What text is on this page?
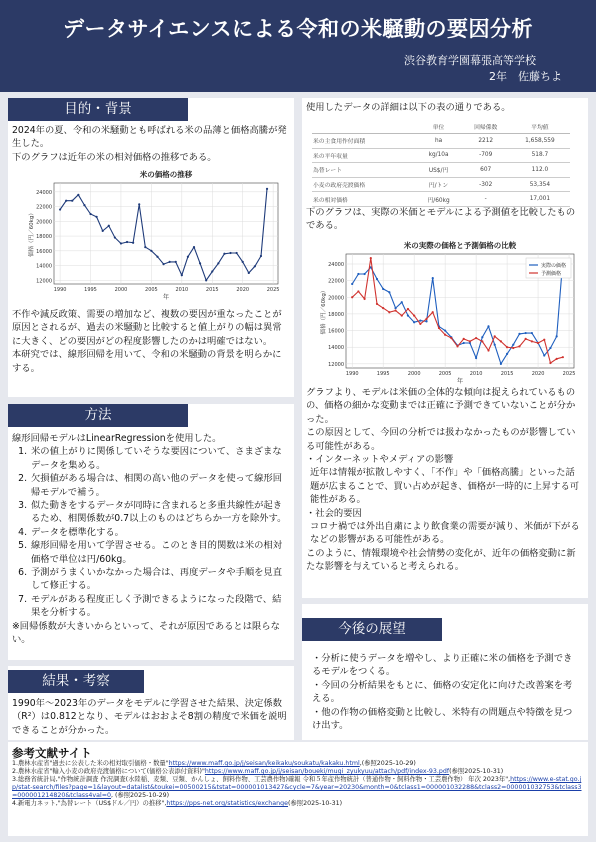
データサイエンスによる令和の米騒動の要因分析
渋谷教育学園幕張高等学校
2年　佐藤ちよ
目的・背景

2024年の夏、令和の米騒動とも呼ばれる米の品薄と価格高騰が発生した。

下のグラフは近年の米の相対価格の推移である。

米の価格の推移
12000
14000
16000
18000
20000
22000
24000
1990	1995	2000	2005	2010	2015	2020	2025
年
価格（円／60kg）

不作や減反政策、需要の増加など、複数の要因が重なったことが原因とされるが、過去の米騒動と比較すると値上がりの幅は異常に大きく、どの要因がどの程度影響したのかは明確ではない。

本研究では、線形回帰を用いて、令和の米騒動の背景を明らかにする。

方法

線形回帰モデルはLinearRegressionを使用した。

1. 米の値上がりに関係していそうな要因について、さまざまなデータを集める。
2. 欠損値がある場合は、相関の高い他のデータを使って線形回帰モデルで補う。
3. 似た動きをするデータが同時に含まれると多重共線性が起きるため、相関係数が0.7以上のものはどちらか一方を除外す。
4. データを標準化する。
5. 線形回帰を用いて学習させる。このとき目的関数は米の相対価格で単位は円/60kg。
6. 予測がうまくいかなかった場合は、再度データや手順を見直して修正する。
7. モデルがある程度正しく予測できるようになった段階で、結果を分析する。

※回帰係数が大きいからといって、それが原因であるとは限らない。

結果・考察
1990年〜2023年のデータをモデルに学習させた結果、決定係数（R²）は0.812となり、モデルはおおよそ8割の精度で米価を説明できることが分かった。
使用したデータの詳細は以下の表の通りである。
	単位	回帰係数	平均値
米の主食用作付面積	ha	2212	1,658,559
米の平年収量	kg/10a	-709	518.7
為替レート	US$/円	607	112.0
小麦の政府売渡価格	円/トン	-302	53,354
米の相対価格	円/60kg	-	17,001
下のグラフは、実際の米価とモデルによる予測値を比較したものである。
米の実際の価格と予測価格の比較
12000
14000
16000
18000
20000
22000
24000
1990	1995	2000	2005	2010	2015	2020	2025
年
価格（円／60kg）
実際の価格
予測価格

グラフより、モデルは米価の全体的な傾向は捉えられているものの、価格の細かな変動までは正確に予測できていないことが分かった。

この原因として、今回の分析では扱わなかったものが影響している可能性がある。

・インターネットやメディアの影響

近年は情報が拡散しやすく、「不作」や「価格高騰」といった話題が広まることで、買い占めが起き、価格が一時的に上昇する可能性がある。

・社会的要因

コロナ禍では外出自粛により飲食業の需要が減り、米価が下がるなどの影響がある可能性がある。

このように、情報環境や社会情勢の変化が、近年の価格変動に新たな影響を与えていると考えられる。

今後の展望

・分析に使うデータを増やし、より正確に米の価格を予測できるモデルをつくる。

・今回の分析結果をもとに、価格の安定化に向けた改善案を考える。

・他の作物の価格変動と比較し、米特有の問題点や特徴を見つけ出す。

参考文献サイト
1.農林水産省"過去に公表した米の相対取引価格・数量"https://www.maff.go.jp/j/seisan/keikaku/soukatu/kakaku.html,(参照2025-10-29)
2.農林水産省"輸入小麦の政府売渡価格について(価格公表添付資料)"https://www.maff.go.jp/j/seisan/boueki/mugi_zyukyuu/attach/pdf/index-93.pdf(参照2025-10-31)
3.総務省統計局,"作物統計調査 作況調査(水陸稲、麦類、豆類、かんしょ、飼料作物、工芸農作物)確報 令和５年産作物統計（普通作物・飼料作物・工芸農作物） 年次 2023年",https://www.e-stat.go.jp/stat-search/files?page=1&layout=datalist&toukei=00500215&tstat=000001013427&cycle=7&year=20230&month=0&tclass1=000001032288&tclass2=000001032753&tclass3=000001214820&tclass4val=0, (参照2025-10-29)
4.新電力ネット,"為替レート（US$ドル／円）の推移",https://pps-net.org/statistics/exchange(参照2025-10-31)
